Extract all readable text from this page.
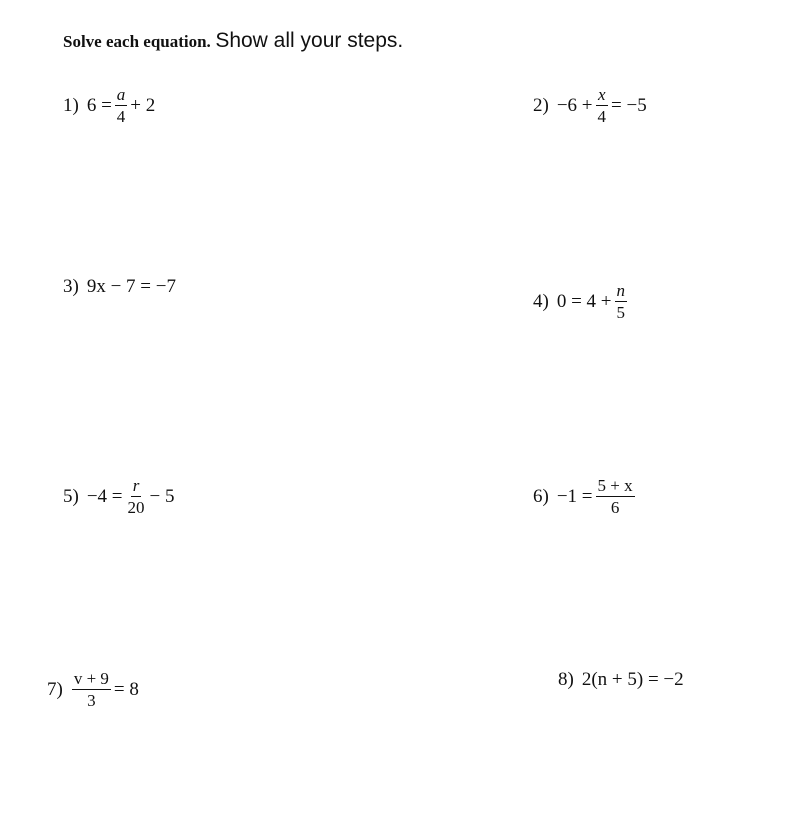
Solve each equation. Show all your steps.
1) $6 = \frac{a}{4} + 2$	$2) -6 + \frac{x}{4} = -5$
3) 9x − 7 = −7
4) $0 = 4 + \frac{n}{5}$
$5) -4 = \frac{r}{20} - 5$	$6) -1 = \frac{5 + x}{6}$
$7) \frac{v + 9}{3} = 8$	8) 2(n + 5) = −2
